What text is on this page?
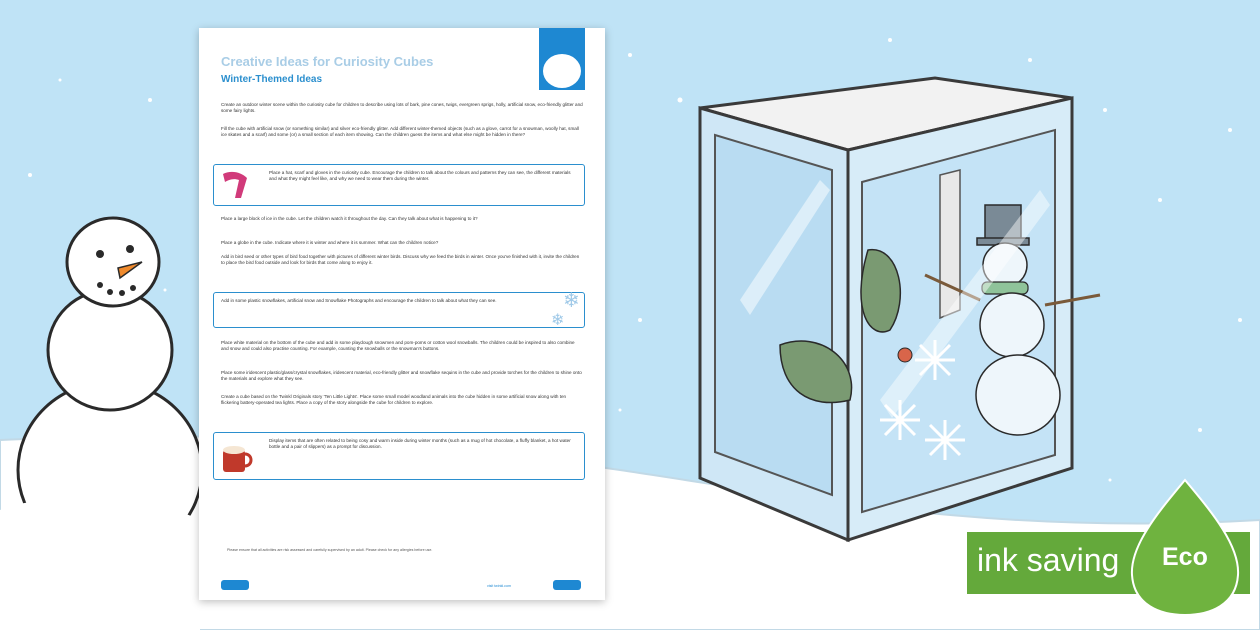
Creative Ideas for Curiosity Cubes
Winter-Themed Ideas
Create an outdoor winter scene within the curiosity cube for children to describe using lots of bark, pine cones, twigs, evergreen sprigs, holly, artificial snow, eco-friendly glitter and some fairy lights.
Fill the cube with artificial snow (or something similar) and silver eco-friendly glitter. Add different winter-themed objects (such as a glove, carrot for a snowman, woolly hat, small ice skates and a scarf) and some (or) a small section of each item showing. Can the children guess the items and what else might be hidden in there?
Place a hat, scarf and gloves in the curiosity cube. Encourage the children to talk about the colours and patterns they can see, the different materials and what they might feel like, and why we need to wear them during the winter.
Place a large block of ice in the cube. Let the children watch it throughout the day. Can they talk about what is happening to it?
Place a globe in the cube. Indicate where it is winter and where it is summer. What can the children notice?
Add in bird seed or other types of bird food together with pictures of different winter birds. Discuss why we feed the birds in winter. Once you've finished with it, invite the children to place the bird food outside and look for birds that come along to enjoy it.
Add in some plastic snowflakes, artificial snow and Snowflake Photographs and encourage the children to talk about what they can see.	❄
❄
Place white material on the bottom of the cube and add in some playdough snowmen and pom-poms or cotton wool snowballs. The children could be inspired to also combine and snow and could also practise counting. For example, counting the snowballs or the snowman's buttons.
Place some iridescent plastic/glass/crystal snowflakes, iridescent material, eco-friendly glitter and snowflake sequins in the cube and provide torches for the children to shine onto the materials and explore what they see.
Create a cube based on the Twinkl Originals story 'Ten Little Lights'. Place some small model woodland animals into the cube hidden in some artificial snow along with ten flickering battery-operated tea lights. Place a copy of the story alongside the cube for children to explore.
Display items that are often related to being cosy and warm inside during winter months (such as a mug of hot chocolate, a fluffy blanket, a hot water bottle and a pair of slippers) as a prompt for discussion.
Please ensure that all activities are risk assessed and carefully supervised by an adult. Please check for any allergies before use.
visit twinkl.com
ink saving Eco
